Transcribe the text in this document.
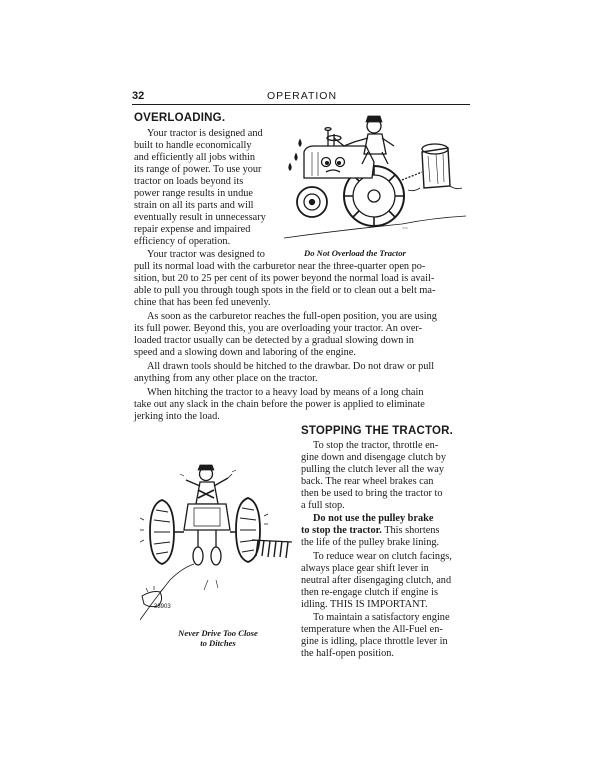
32	OPERATION
OVERLOADING.

Your tractor is designed and

built to handle economically

and efficiently all jobs within

its range of power. To use your

tractor on loads beyond its

power range results in undue

strain on all its parts and will

eventually result in unnecessary

repair expense and impaired

efficiency of operation.

Your tractor was designed to

pull its normal load with the carburetor near the three-quarter open po-

sition, but 20 to 25 per cent of its power beyond the normal load is avail-

able to pull you through tough spots in the field or to clean out a belt ma-

chine that has been fed unevenly.

As soon as the carburetor reaches the full-open position, you are using

its full power. Beyond this, you are overloading your tractor. An over-

loaded tractor usually can be detected by a gradual slowing down in

speed and a slowing down and laboring of the engine.

All drawn tools should be hitched to the drawbar. Do not draw or pull

anything from any other place on the tractor.

When hitching the tractor to a heavy load by means of a long chain

take out any slack in the chain before the power is applied to eliminate

jerking into the load.

~~

Do Not Overload the Tractor

STOPPING THE TRACTOR.

To stop the tractor, throttle en-

gine down and disengage clutch by

pulling the clutch lever all the way

back. The rear wheel brakes can

then be used to bring the tractor to

a full stop.

Do not use the pulley brake

to stop the tractor. This shortens

the life of the pulley brake lining.

To reduce wear on clutch facings,

always place gear shift lever in

neutral after disengaging clutch, and

then re-engage clutch if engine is

idling. THIS IS IMPORTANT.

To maintain a satisfactory engine

temperature when the All-Fuel en-

gine is idling, place throttle lever in

the half-open position.

33903

Never Drive Too Close

to Ditches
